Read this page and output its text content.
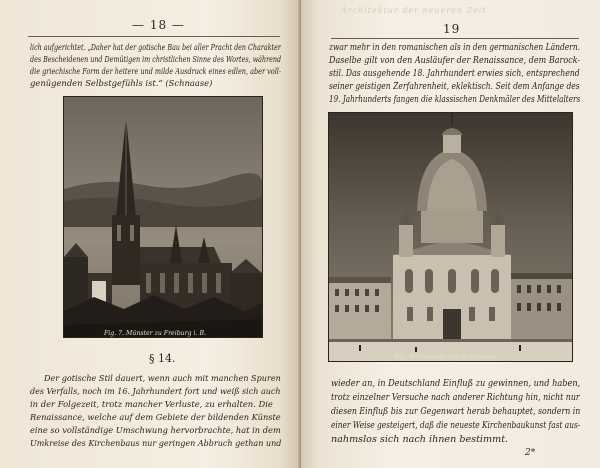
— 18 —
lich aufgerichtet. „Daher hat der gotische Bau bei aller Pracht den Charakter
des Bescheidenen und Demütigen im christlichen Sinne des Wortes, während
die griechische Form der heitere und milde Ausdruck eines edlen, aber voll-
genügenden Selbstgefühls ist.“ (Schnaase)
Fig. 7. Münster zu Freiburg i. B.
§ 14.
Der gotische Stil dauert, wenn auch mit manchen Spuren
des Verfalls, noch im 16. Jahrhundert fort und weiß sich auch
in der Folgezeit, trotz mancher Verluste, zu erhalten. Die
Renaissance, welche auf dem Gebiete der bildenden Künste
eine so vollständige Umschwung hervorbrachte, hat in dem
Umkreise des Kirchenbaus nur geringen Abbruch gethan und
Architektur der neueren Zeit
19
zwar mehr in den romanischen als in den germanischen Ländern.
Daselbe gilt von den Ausläufer der Renaissance, dem Barock-
stil. Das ausgehende 18. Jahrhundert erwies sich, entsprechend
seiner geistigen Zerfahrenheit, eklektisch. Seit dem Anfange des
19. Jahrhunderts fangen die klassischen Denkmäler des Mittelalters
Fig. 8. Frauenkirche in Dresden.
wieder an, in Deutschland Einfluß zu gewinnen, und haben,
trotz einzelner Versuche nach anderer Richtung hin, nicht nur
diesen Einfluß bis zur Gegenwart herab behauptet, sondern in
einer Weise gesteigert, daß die neueste Kirchenbaukunst fast aus-
nahmslos sich nach ihnen bestimmt.
2*
